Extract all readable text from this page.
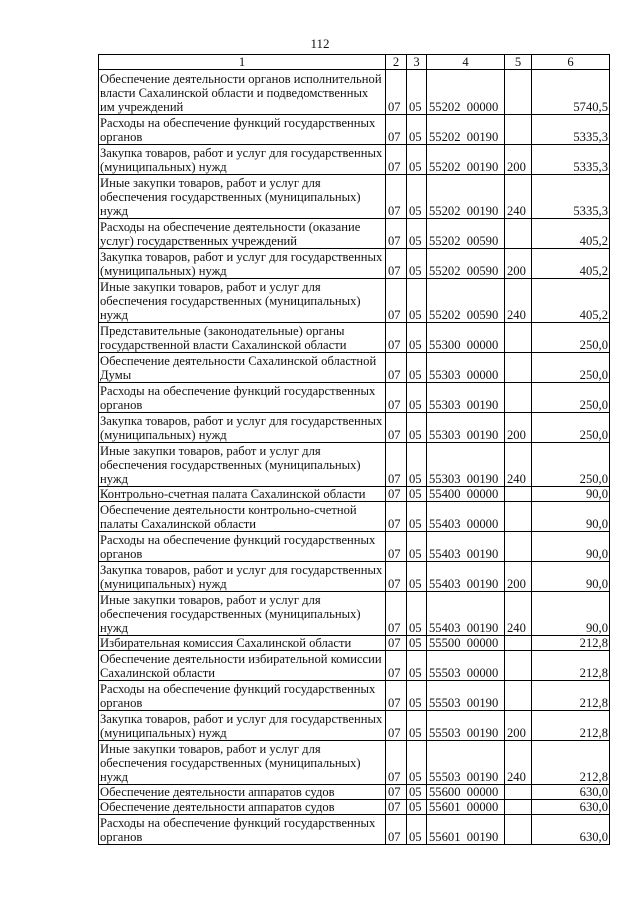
112
1	2	3	4	5	6
Обеспечение деятельности органов исполнительной власти Сахалинской области и подведомственных им учреждений	07	05	55202  00000		5740,5
Расходы на обеспечение функций государственных органов	07	05	55202  00190		5335,3
Закупка товаров, работ и услуг для государственных (муниципальных) нужд	07	05	55202  00190	200	5335,3
Иные закупки товаров, работ и услуг для обеспечения государственных (муниципальных) нужд	07	05	55202  00190	240	5335,3
Расходы на обеспечение деятельности (оказание услуг) государственных учреждений	07	05	55202  00590		405,2
Закупка товаров, работ и услуг для государственных (муниципальных) нужд	07	05	55202  00590	200	405,2
Иные закупки товаров, работ и услуг для обеспечения государственных (муниципальных) нужд	07	05	55202  00590	240	405,2
Представительные (законодательные) органы государственной власти Сахалинской области	07	05	55300  00000		250,0
Обеспечение деятельности Сахалинской областной Думы	07	05	55303  00000		250,0
Расходы на обеспечение функций государственных органов	07	05	55303  00190		250,0
Закупка товаров, работ и услуг для государственных (муниципальных) нужд	07	05	55303  00190	200	250,0
Иные закупки товаров, работ и услуг для обеспечения государственных (муниципальных) нужд	07	05	55303  00190	240	250,0
Контрольно-счетная палата Сахалинской области	07	05	55400  00000		90,0
Обеспечение деятельности контрольно-счетной палаты Сахалинской области	07	05	55403  00000		90,0
Расходы на обеспечение функций государственных органов	07	05	55403  00190		90,0
Закупка товаров, работ и услуг для государственных (муниципальных) нужд	07	05	55403  00190	200	90,0
Иные закупки товаров, работ и услуг для обеспечения государственных (муниципальных) нужд	07	05	55403  00190	240	90,0
Избирательная комиссия Сахалинской области	07	05	55500  00000		212,8
Обеспечение деятельности избирательной комиссии Сахалинской области	07	05	55503  00000		212,8
Расходы на обеспечение функций государственных органов	07	05	55503  00190		212,8
Закупка товаров, работ и услуг для государственных (муниципальных) нужд	07	05	55503  00190	200	212,8
Иные закупки товаров, работ и услуг для обеспечения государственных (муниципальных) нужд	07	05	55503  00190	240	212,8
Обеспечение деятельности аппаратов судов	07	05	55600  00000		630,0
Обеспечение деятельности аппаратов судов	07	05	55601  00000		630,0
Расходы на обеспечение функций государственных органов	07	05	55601  00190		630,0
